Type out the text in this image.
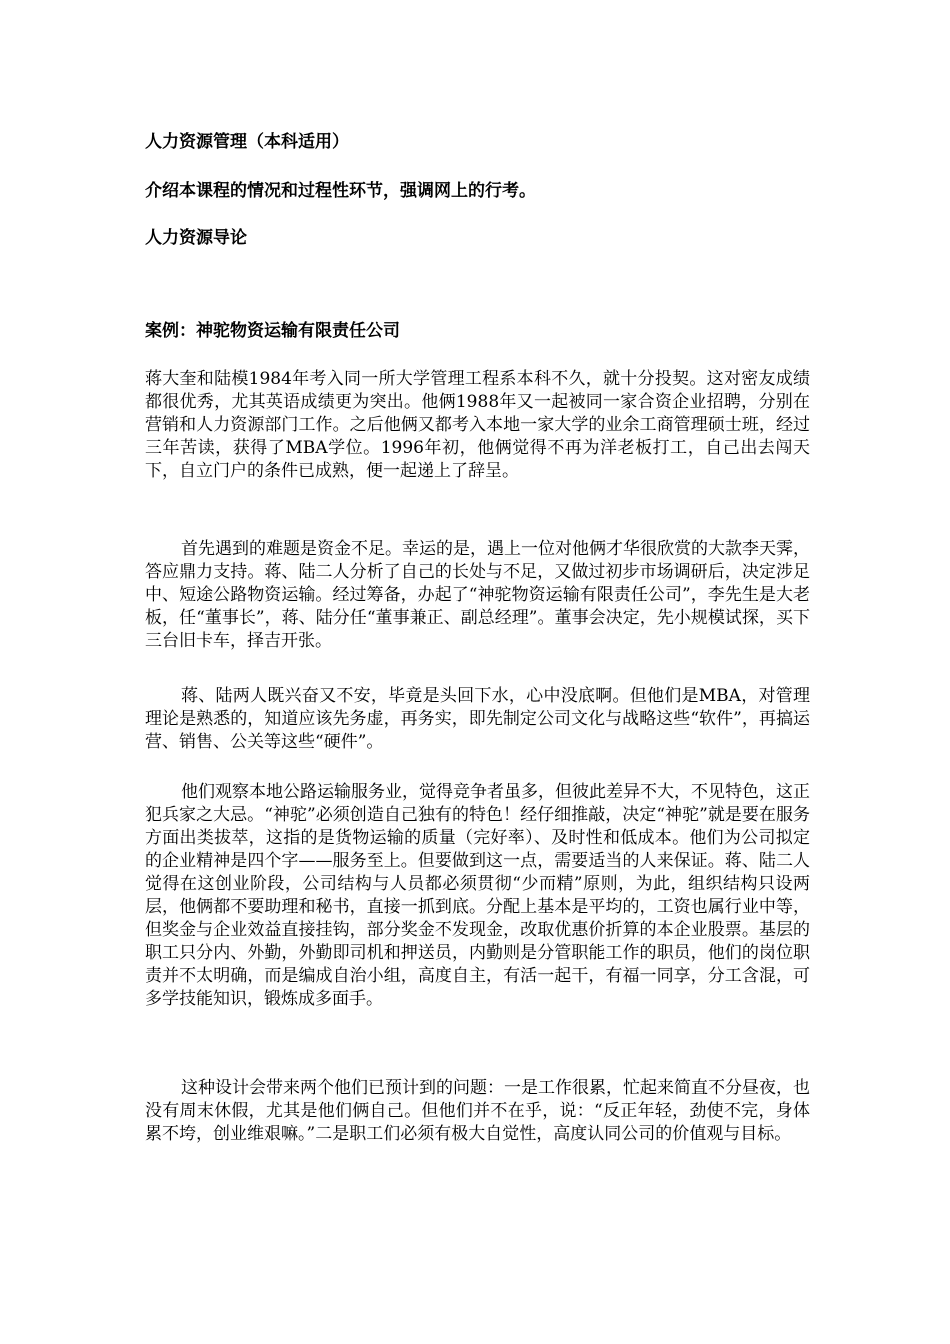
人力资源管理（本科适用）
介绍本课程的情况和过程性环节，强调网上的行考。
人力资源导论
案例：神驼物资运输有限责任公司

蒋大奎和陆模1984年考入同一所大学管理工程系本科不久，就十分投契。这对密友成绩都很优秀，尤其英语成绩更为突出。他俩1988年又一起被同一家合资企业招聘，分别在营销和人力资源部门工作。之后他俩又都考入本地一家大学的业余工商管理硕士班，经过三年苦读，获得了MBA学位。1996年初，他俩觉得不再为洋老板打工，自己出去闯天下，自立门户的条件已成熟，便一起递上了辞呈。

首先遇到的难题是资金不足。幸运的是，遇上一位对他俩才华很欣赏的大款李天霁，答应鼎力支持。蒋、陆二人分析了自己的长处与不足，又做过初步市场调研后，决定涉足中、短途公路物资运输。经过筹备，办起了“神驼物资运输有限责任公司”，李先生是大老板，任“董事长”，蒋、陆分任“董事兼正、副总经理”。董事会决定，先小规模试探，买下三台旧卡车，择吉开张。

蒋、陆两人既兴奋又不安，毕竟是头回下水，心中没底啊。但他们是MBA，对管理理论是熟悉的，知道应该先务虚，再务实，即先制定公司文化与战略这些“软件”，再搞运营、销售、公关等这些“硬件”。

他们观察本地公路运输服务业，觉得竞争者虽多，但彼此差异不大，不见特色，这正犯兵家之大忌。“神驼”必须创造自己独有的特色！经仔细推敲，决定“神驼”就是要在服务方面出类拔萃，这指的是货物运输的质量（完好率）、及时性和低成本。他们为公司拟定的企业精神是四个字——服务至上。但要做到这一点，需要适当的人来保证。蒋、陆二人觉得在这创业阶段，公司结构与人员都必须贯彻“少而精”原则，为此，组织结构只设两层，他俩都不要助理和秘书，直接一抓到底。分配上基本是平均的，工资也属行业中等，但奖金与企业效益直接挂钩，部分奖金不发现金，改取优惠价折算的本企业股票。基层的职工只分内、外勤，外勤即司机和押送员，内勤则是分管职能工作的职员，他们的岗位职责并不太明确，而是编成自治小组，高度自主，有活一起干，有福一同享，分工含混，可多学技能知识，锻炼成多面手。

这种设计会带来两个他们已预计到的问题：一是工作很累，忙起来简直不分昼夜，也没有周末休假，尤其是他们俩自己。但他们并不在乎，说：“反正年轻，劲使不完，身体累不垮，创业维艰嘛。”二是职工们必须有极大自觉性，高度认同公司的价值观与目标。
